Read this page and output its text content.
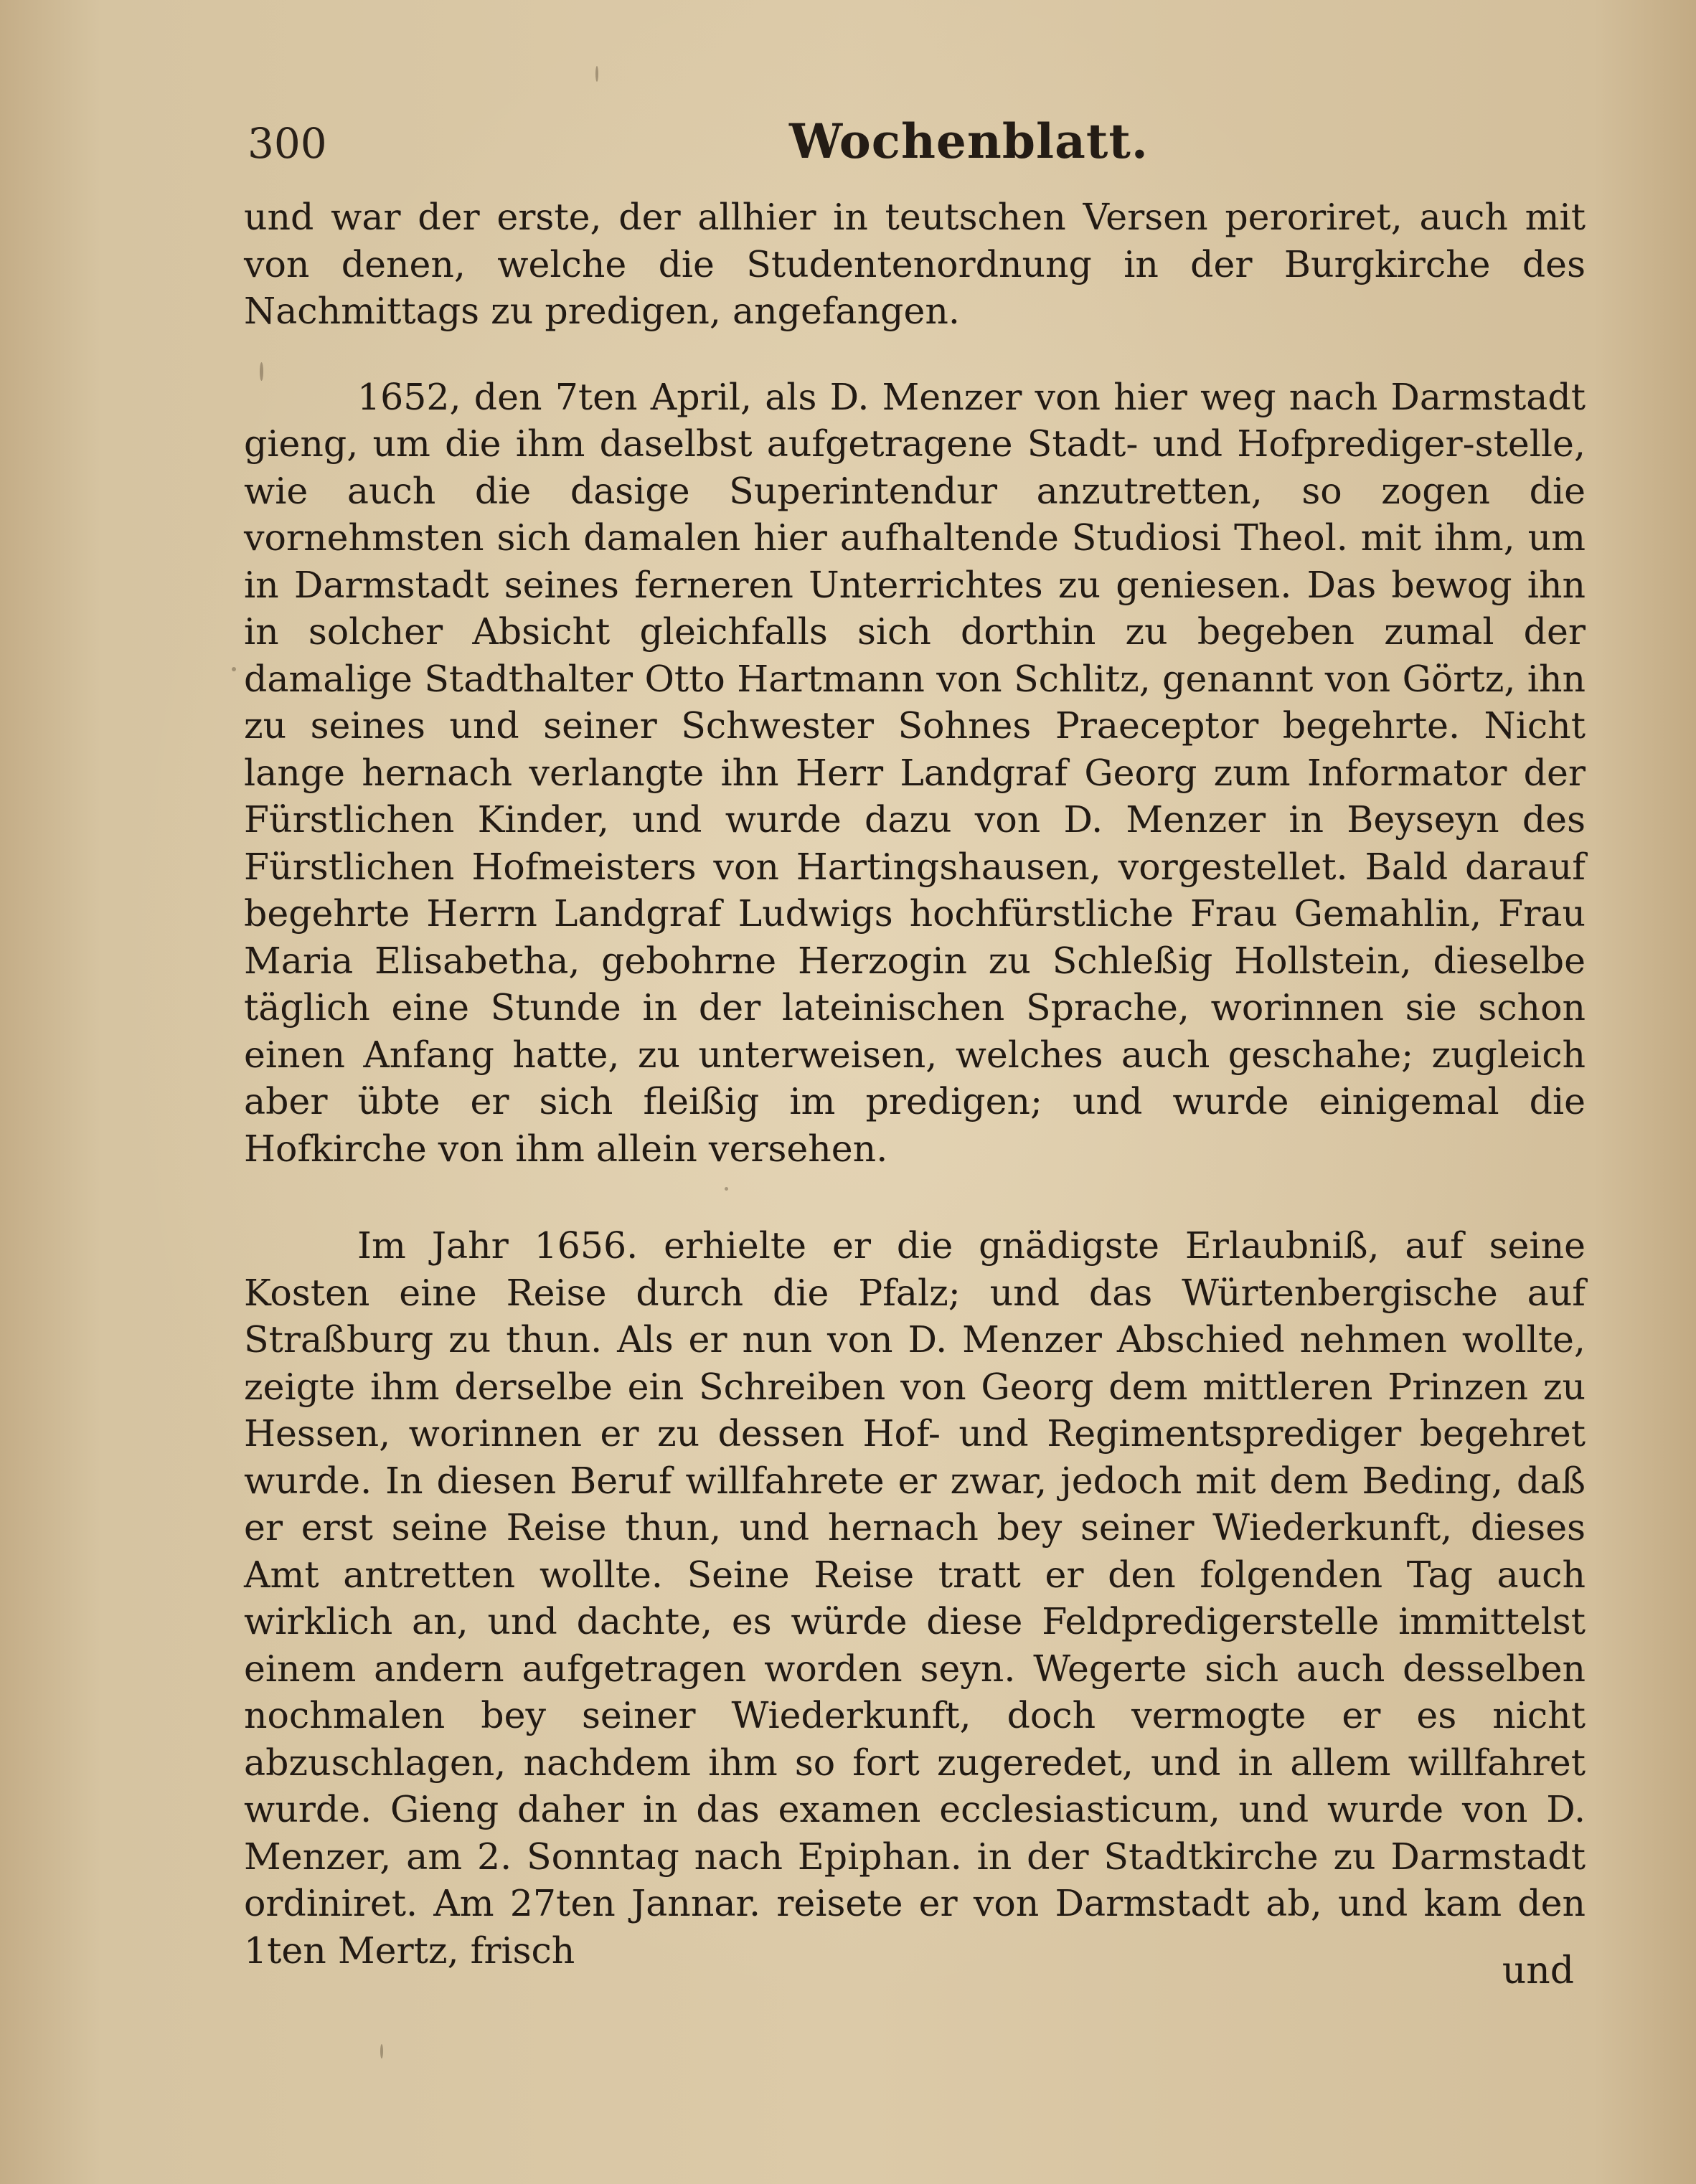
300	Wochenblatt.

und war der erste, der allhier in teutschen Versen peroriret, auch mit von denen, welche die Studentenordnung in der Burgkirche des Nachmittags zu predigen, angefangen.

1652, den 7ten April, als D. Menzer von hier weg nach Darmstadt gieng, um die ihm daselbst aufgetragene Stadt- und Hofprediger-stelle, wie auch die dasige Superintendur anzutretten, so zogen die vornehmsten sich damalen hier aufhaltende Studiosi Theol. mit ihm, um in Darmstadt seines ferneren Unterrichtes zu geniesen. Das bewog ihn in solcher Absicht gleichfalls sich dorthin zu begeben zumal der damalige Stadthalter Otto Hartmann von Schlitz, genannt von Görtz, ihn zu seines und seiner Schwester Sohnes Praeceptor begehrte. Nicht lange hernach verlangte ihn Herr Landgraf Georg zum Informator der Fürstlichen Kinder, und wurde dazu von D. Menzer in Beyseyn des Fürstlichen Hofmeisters von Hartingshausen, vorgestellet. Bald darauf begehrte Herrn Landgraf Ludwigs hochfürstliche Frau Gemahlin, Frau Maria Elisabetha, gebohrne Herzogin zu Schleßig Hollstein, dieselbe täglich eine Stunde in der lateinischen Sprache, worinnen sie schon einen Anfang hatte, zu unterweisen, welches auch geschahe; zugleich aber übte er sich fleißig im predigen; und wurde einigemal die Hofkirche von ihm allein versehen.

Im Jahr 1656. erhielte er die gnädigste Erlaubniß, auf seine Kosten eine Reise durch die Pfalz; und das Würtenbergische auf Straßburg zu thun. Als er nun von D. Menzer Abschied nehmen wollte, zeigte ihm derselbe ein Schreiben von Georg dem mittleren Prinzen zu Hessen, worinnen er zu dessen Hof- und Regimentsprediger begehret wurde. In diesen Beruf willfahrete er zwar, jedoch mit dem Beding, daß er erst seine Reise thun, und hernach bey seiner Wiederkunft, dieses Amt antretten wollte. Seine Reise tratt er den folgenden Tag auch wirklich an, und dachte, es würde diese Feldpredigerstelle immittelst einem andern aufgetragen worden seyn. Wegerte sich auch desselben nochmalen bey seiner Wiederkunft, doch vermogte er es nicht abzuschlagen, nachdem ihm so fort zugeredet, und in allem willfahret wurde. Gieng daher in das examen ecclesiasticum, und wurde von D. Menzer, am 2. Sonntag nach Epiphan. in der Stadtkirche zu Darmstadt ordiniret. Am 27ten Jannar. reisete er von Darmstadt ab, und kam den 1ten Mertz, frisch	und
